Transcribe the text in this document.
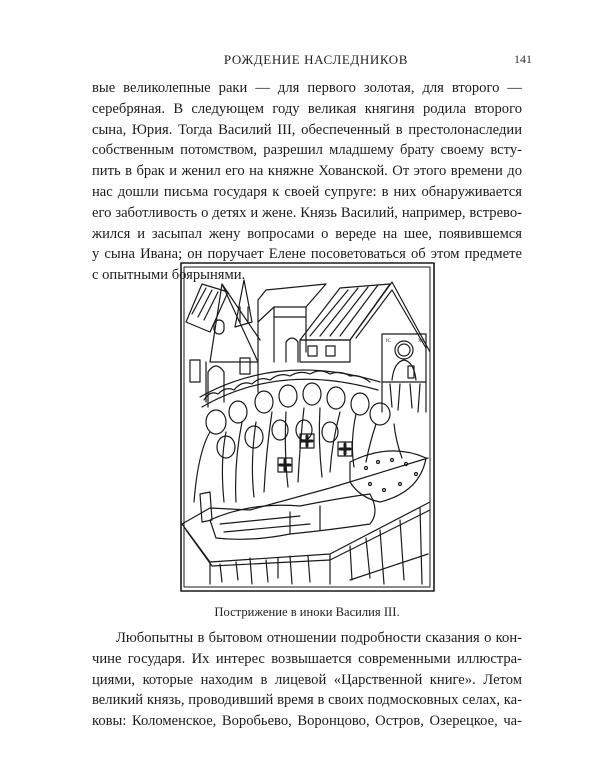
РОЖДЕНИЕ НАСЛЕДНИКОВ	141
вые великолепные раки — для первого золотая, для второго —
серебряная. В следующем году великая княгиня родила второго
сына, Юрия. Тогда Василий III, обеспеченный в престолонаследии
собственным потомством, разрешил младшему брату своему всту-
пить в брак и женил его на княжне Хованской. От этого времени до
нас дошли письма государя к своей супруге: в них обнаруживается
его заботливость о детях и жене. Князь Василий, например, встрево-
жился и засыпал жену вопросами о вереде на шее, появившемся
у сына Ивана; он поручает Елене посоветоваться об этом предмете
с опытными боярынями.
IC	XC
Пострижение в иноки Василия III.
Любопытны в бытовом отношении подробности сказания о кон-
чине государя. Их интерес возвышается современными иллюстра-
циями, которые находим в лицевой «Царственной книге». Летом
великий князь, проводивший время в своих подмосковных селах, ка-
ковы: Коломенское, Воробьево, Воронцово, Остров, Озерецкое, ча-
